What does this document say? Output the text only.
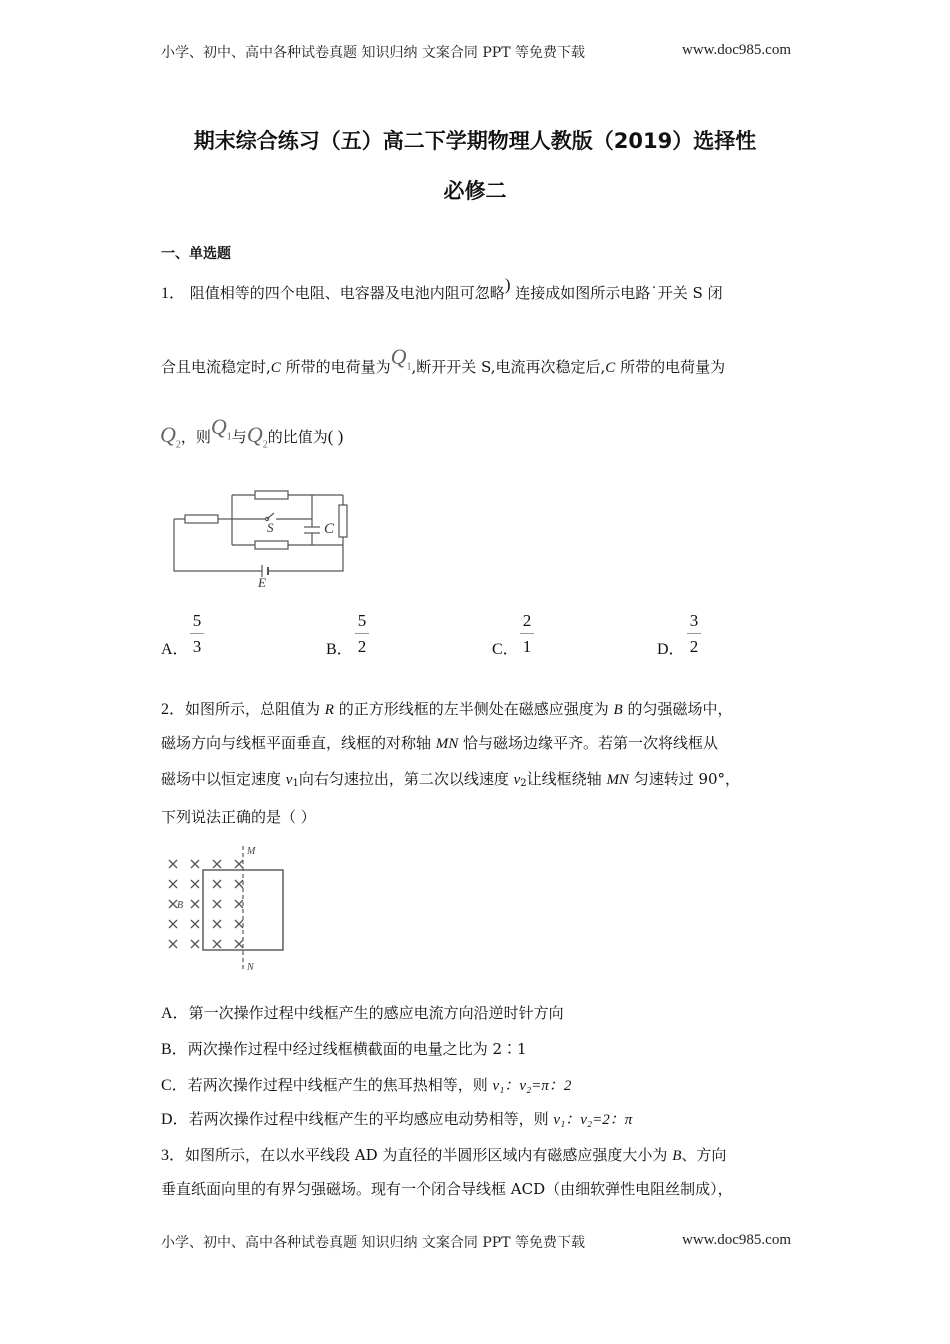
小学、初中、高中各种试卷真题 知识归纳 文案合同 PPT 等免费下载	www.doc985.com
期末综合练习（五）高二下学期物理人教版（2019）选择性
必修二
一、单选题
1． 阻值相等的四个电阻、电容器及电池内阻可忽略) 连接成如图所示电路˙开关 S 闭
合且电流稳定时,C 所带的电荷量为$Q_1$,断开开关 S,电流再次稳定后,C 所带的电荷量为
$Q_2$，则$Q_1$与$Q_2$的比值为( )
S	C
E
A．
5
3	B．
5
2	C．
2
1	D．
3
2
2．如图所示，总阻值为 R 的正方形线框的左半侧处在磁感应强度为 B 的匀强磁场中，
磁场方向与线框平面垂直，线框的对称轴 MN 恰与磁场边缘平齐。若第一次将线框从
磁场中以恒定速度 $v_1$向右匀速拉出，第二次以线速度 $v_2$让线框绕轴 MN 匀速转过 90°，
下列说法正确的是（ ）
B
M
N
A．第一次操作过程中线框产生的感应电流方向沿逆时针方向
B．两次操作过程中经过线框横截面的电量之比为 2∶1
C．若两次操作过程中线框产生的焦耳热相等，则 v₁：v₂=π：2
D．若两次操作过程中线框产生的平均感应电动势相等，则 v₁：v₂=2：π
3．如图所示，在以水平线段 AD 为直径的半圆形区域内有磁感应强度大小为 B、方向
垂直纸面向里的有界匀强磁场。现有一个闭合导线框 ACD（由细软弹性电阻丝制成），
小学、初中、高中各种试卷真题 知识归纳 文案合同 PPT 等免费下载	www.doc985.com
